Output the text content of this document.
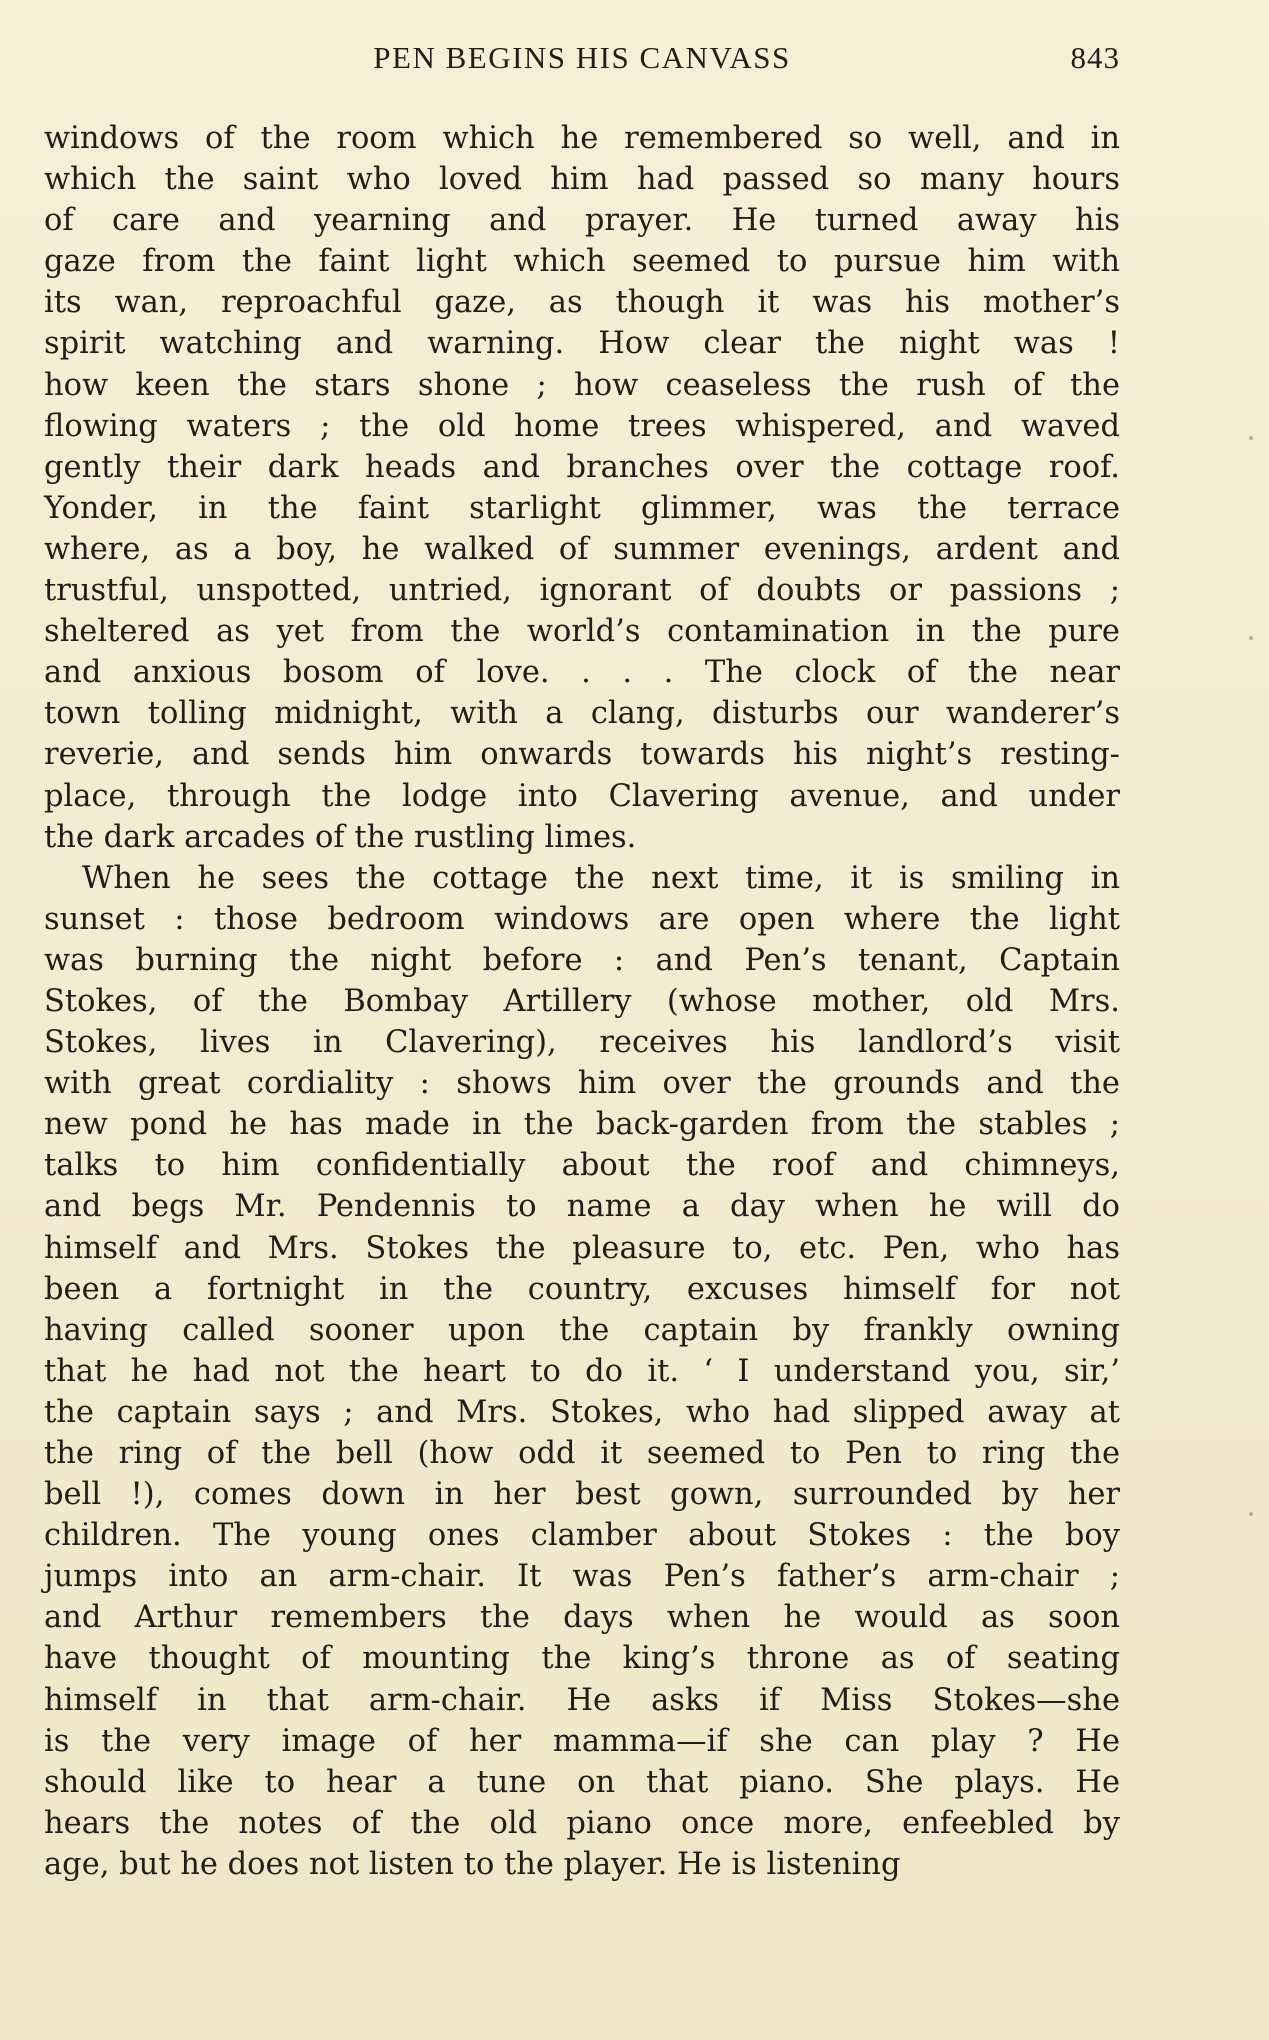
PEN BEGINS HIS CANVASS	843
windows of the room which he remembered so well, and in
which the saint who loved him had passed so many hours
of care and yearning and prayer. He turned away his
gaze from the faint light which seemed to pursue him with
its wan, reproachful gaze, as though it was his mother’s
spirit watching and warning. How clear the night was !
how keen the stars shone ; how ceaseless the rush of the
flowing waters ; the old home trees whispered, and waved
gently their dark heads and branches over the cottage roof.
Yonder, in the faint starlight glimmer, was the terrace
where, as a boy, he walked of summer evenings, ardent and
trustful, unspotted, untried, ignorant of doubts or passions ;
sheltered as yet from the world’s contamination in the pure
and anxious bosom of love. . . . The clock of the near
town tolling midnight, with a clang, disturbs our wanderer’s
reverie, and sends him onwards towards his night’s resting-
place, through the lodge into Clavering avenue, and under
the dark arcades of the rustling limes.
When he sees the cottage the next time, it is smiling in
sunset : those bedroom windows are open where the light
was burning the night before : and Pen’s tenant, Captain
Stokes, of the Bombay Artillery (whose mother, old Mrs.
Stokes, lives in Clavering), receives his landlord’s visit
with great cordiality : shows him over the grounds and the
new pond he has made in the back-garden from the stables ;
talks to him confidentially about the roof and chimneys,
and begs Mr. Pendennis to name a day when he will do
himself and Mrs. Stokes the pleasure to, etc. Pen, who has
been a fortnight in the country, excuses himself for not
having called sooner upon the captain by frankly owning
that he had not the heart to do it. ‘ I understand you, sir,’
the captain says ; and Mrs. Stokes, who had slipped away at
the ring of the bell (how odd it seemed to Pen to ring the
bell !), comes down in her best gown, surrounded by her
children. The young ones clamber about Stokes : the boy
jumps into an arm-chair. It was Pen’s father’s arm-chair ;
and Arthur remembers the days when he would as soon
have thought of mounting the king’s throne as of seating
himself in that arm-chair. He asks if Miss Stokes—she
is the very image of her mamma—if she can play ? He
should like to hear a tune on that piano. She plays. He
hears the notes of the old piano once more, enfeebled by
age, but he does not listen to the player. He is listening
